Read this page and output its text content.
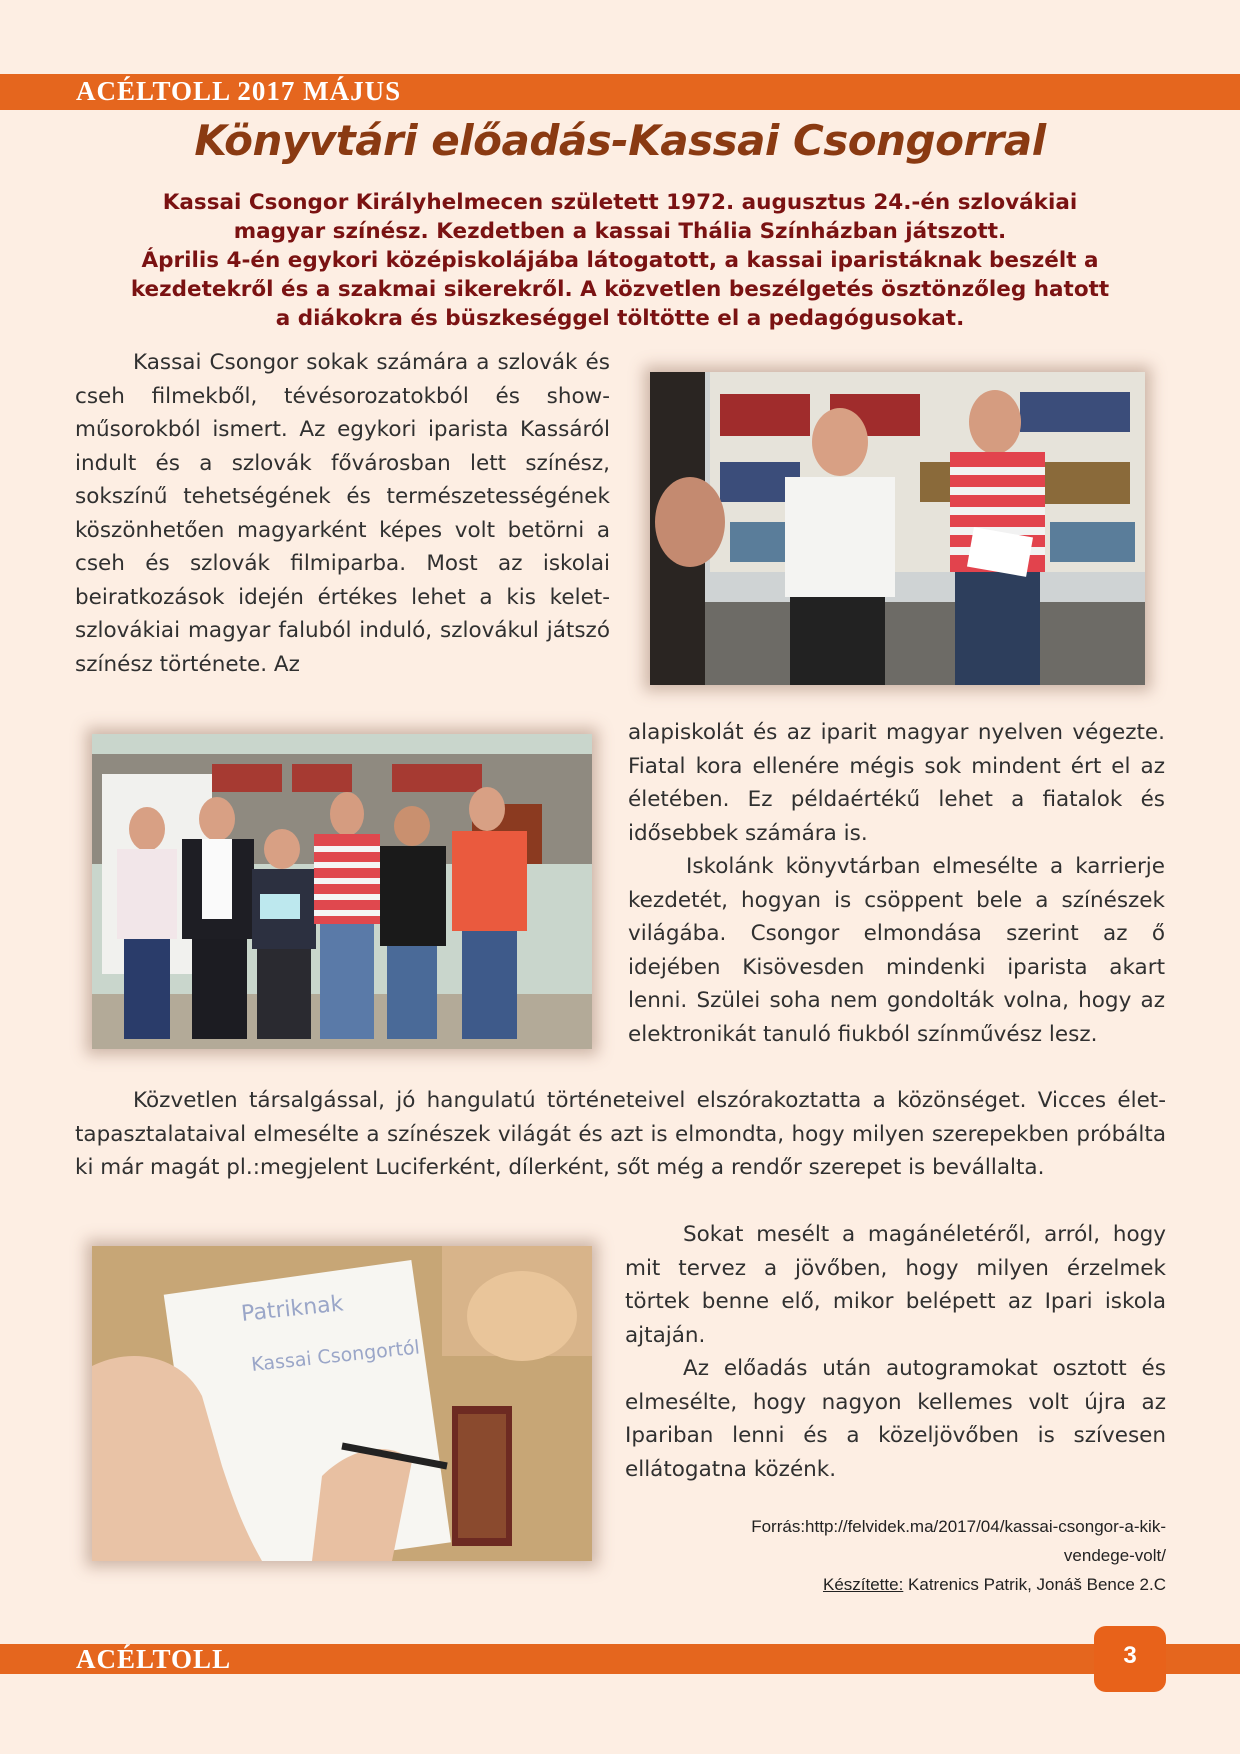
ACÉLTOLL 2017 MÁJUS
Könyvtári előadás-Kassai Csongorral
Kassai Csongor Királyhelmecen született 1972. augusztus 24.-én szlovákiai
magyar színész. Kezdetben a kassai Thália Színházban játszott.
Április 4-én egykori középiskolájába látogatott, a kassai iparistáknak beszélt a
kezdetekről és a szakmai sikerekről. A közvetlen beszélgetés ösztönzőleg hatott
a diákokra és büszkeséggel töltötte el a pedagógusokat.

Kassai Csongor sokak számára a szlovák és cseh filmekből, tévésorozatokból és show-műsorokból ismert. Az egykori iparista Kassáról indult és a szlovák fővárosban lett színész, sokszínű tehetségének és természetességének köszönhetően magyarként képes volt betörni a cseh és szlovák filmiparba. Most az iskolai beiratkozások idején értékes lehet a kis kelet-szlovákiai magyar faluból induló, szlovákul játszó színész története. Az

alapiskolát és az iparit magyar nyelven végezte. Fiatal kora ellenére mégis sok mindent ért el az életében. Ez példaértékű lehet a fiatalok és idősebbek számára is.

Iskolánk könyvtárban elmesélte a karrierje kezdetét, hogyan is csöppent bele a színészek világába. Csongor elmondása szerint az ő idejében Kisövesden mindenki iparista akart lenni. Szülei soha nem gondolták volna, hogy az elektronikát tanuló fiukból színművész lesz.

Közvetlen társalgással, jó hangulatú történeteivel elszórakoztatta a közönséget. Vicces élet-tapasztalataival elmesélte a színészek világát és azt is elmondta, hogy milyen szerepekben próbálta ki már magát pl.:megjelent Luciferként, dílerként, sőt még a rendőr szerepet is bevállalta.

Patriknak
Kassai Csongortól

Sokat mesélt a magánéletéről, arról, hogy mit tervez a jövőben, hogy milyen érzelmek törtek benne elő, mikor belépett az Ipari iskola ajtaján.

Az előadás után autogramokat osztott és elmesélte, hogy nagyon kellemes volt újra az Ipariban lenni és a közeljövőben is szívesen ellátogatna közénk.

Forrás:http://felvidek.ma/2017/04/kassai-csongor-a-kik-
vendege-volt/
Készítette: Katrenics Patrik, Jonáš Bence 2.C
ACÉLTOLL	3
